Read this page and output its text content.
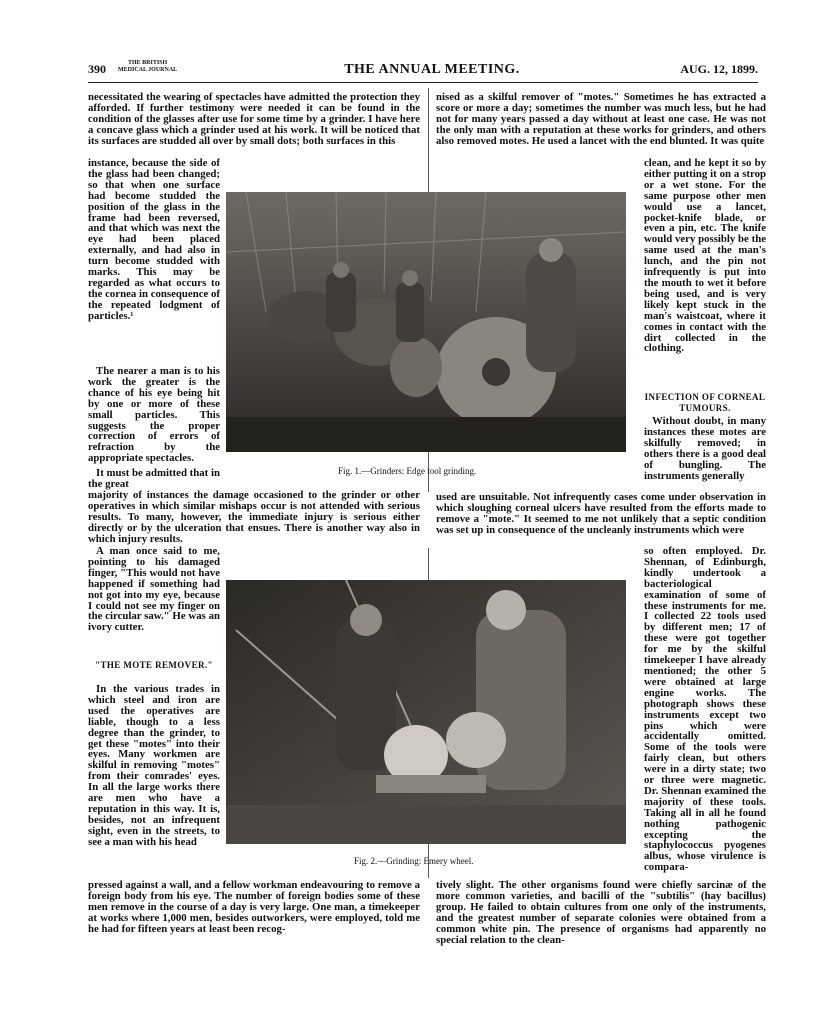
390	THE BRITISH
MEDICAL JOURNAL	THE ANNUAL MEETING.	AUG. 12, 1899.

necessitated the wearing of spectacles have admitted the protection they afforded. If further testimony were needed it can be found in the condition of the glasses after use for some time by a grinder. I have here a concave glass which a grinder used at his work. It will be noticed that its surfaces are studded all over by small dots; both surfaces in this

instance, because the side of the glass had been changed; so that when one surface had become studded the position of the glass in the frame had been reversed, and that which was next the eye had been placed externally, and had also in turn become studded with marks. This may be regarded as what occurs to the cornea in consequence of the repeated lodgment of particles.¹

The nearer a man is to his work the greater is the chance of his eye being hit by one or more of these small particles. This suggests the proper correction of errors of refraction by the appropriate spectacles.

It must be admitted that in the great

majority of instances the damage occasioned to the grinder or other operatives in which similar mishaps occur is not attended with serious results. To many, however, the immediate injury is serious either directly or by the ulceration that ensues. There is another way also in which injury results.

A man once said to me, pointing to his damaged finger, "This would not have happened if something had not got into my eye, because I could not see my finger on the circular saw." He was an ivory cutter.

"THE MOTE REMOVER."

In the various trades in which steel and iron are used the operatives are liable, though to a less degree than the grinder, to get these "motes" into their eyes. Many workmen are skilful in removing "motes" from their comrades' eyes. In all the large works there are men who have a reputation in this way. It is, besides, not an infrequent sight, even in the streets, to see a man with his head

pressed against a wall, and a fellow workman endeavouring to remove a foreign body from his eye. The number of foreign bodies some of these men remove in the course of a day is very large. One man, a timekeeper at works where 1,000 men, besides outworkers, were employed, told me he had for fifteen years at least been recog-

nised as a skilful remover of "motes." Sometimes he has extracted a score or more a day; sometimes the number was much less, but he had not for many years passed a day without at least one case. He was not the only man with a reputation at these works for grinders, and others also removed motes. He used a lancet with the end blunted. It was quite

clean, and he kept it so by either putting it on a strop or a wet stone. For the same purpose other men would use a lancet, pocket-knife blade, or even a pin, etc. The knife would very possibly be the same used at the man's lunch, and the pin not infrequently is put into the mouth to wet it before being used, and is very likely kept stuck in the man's waistcoat, where it comes in contact with the dirt collected in the clothing.

INFECTION OF CORNEAL TUMOURS.

Without doubt, in many instances these motes are skilfully removed; in others there is a good deal of bungling. The instruments generally

used are unsuitable. Not infrequently cases come under observation in which sloughing corneal ulcers have resulted from the efforts made to remove a "mote." It seemed to me not unlikely that a septic condition was set up in consequence of the uncleanly instruments which were

so often employed. Dr. Shennan, of Edinburgh, kindly undertook a bacteriological examination of some of these instruments for me. I collected 22 tools used by different men; 17 of these were got together for me by the skilful timekeeper I have already mentioned; the other 5 were obtained at large engine works. The photograph shows these instruments except two pins which were accidentally omitted. Some of the tools were fairly clean, but others were in a dirty state; two or three were magnetic. Dr. Shennan examined the majority of these tools. Taking all in all he found nothing pathogenic excepting the staphylococcus pyogenes albus, whose virulence is compara-

tively slight. The other organisms found were chiefly sarcinæ of the more common varieties, and bacilli of the "subtilis" (hay bacillus) group. He failed to obtain cultures from one only of the instruments, and the greatest number of separate colonies were obtained from a common white pin. The presence of organisms had apparently no special relation to the clean-

Fig. 1.—Grinders: Edge tool grinding.
Fig. 2.—Grinding: Emery wheel.
